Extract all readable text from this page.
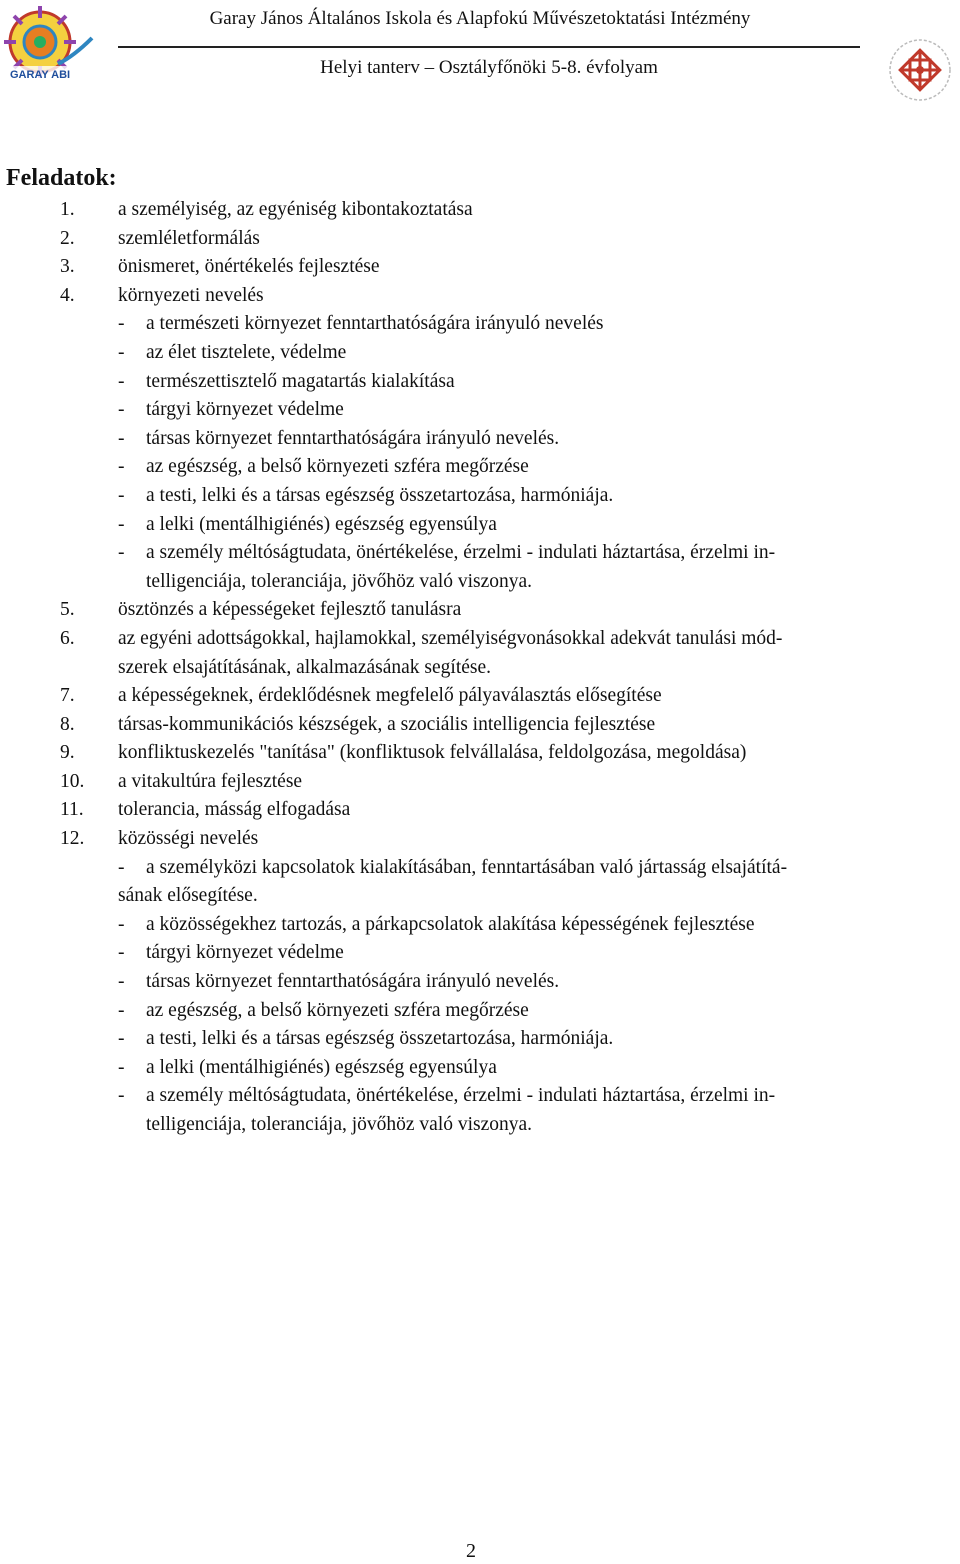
GARAY ABI
Garay János Általános Iskola és Alapfokú Művészetoktatási Intézmény
Helyi tanterv – Osztályfőnöki 5-8. évfolyam
Feladatok:
1. a személyiség, az egyéniség kibontakoztatása
2. szemléletformálás
3. önismeret, önértékelés fejlesztése
4. környezeti nevelés
- a természeti környezet fenntarthatóságára irányuló nevelés
- az élet tisztelete, védelme
- természettisztelő magatartás kialakítása
- tárgyi környezet védelme
- társas környezet fenntarthatóságára irányuló nevelés.
- az egészség, a belső környezeti szféra megőrzése
- a testi, lelki és a társas egészség összetartozása, harmóniája.
- a lelki (mentálhigiénés) egészség egyensúlya
- a személy méltóságtudata, önértékelése, érzelmi - indulati háztartása, érzelmi in-
telligenciája, toleranciája, jövőhöz való viszonya.
5. ösztönzés a képességeket fejlesztő tanulásra
6. az egyéni adottságokkal, hajlamokkal, személyiségvonásokkal adekvát tanulási mód-
szerek elsajátításának, alkalmazásának segítése.
7. a képességeknek, érdeklődésnek megfelelő pályaválasztás elősegítése
8. társas-kommunikációs készségek, a szociális intelligencia fejlesztése
9. konfliktuskezelés "tanítása" (konfliktusok felvállalása, feldolgozása, megoldása)
10. a vitakultúra fejlesztése
11. tolerancia, másság elfogadása
12. közösségi nevelés
- a személyközi kapcsolatok kialakításában, fenntartásában való jártasság elsajátítá-
sának elősegítése.
- a közösségekhez tartozás, a párkapcsolatok alakítása képességének fejlesztése
- tárgyi környezet védelme
- társas környezet fenntarthatóságára irányuló nevelés.
- az egészség, a belső környezeti szféra megőrzése
- a testi, lelki és a társas egészség összetartozása, harmóniája.
- a lelki (mentálhigiénés) egészség egyensúlya
- a személy méltóságtudata, önértékelése, érzelmi - indulati háztartása, érzelmi in-
telligenciája, toleranciája, jövőhöz való viszonya.
2
